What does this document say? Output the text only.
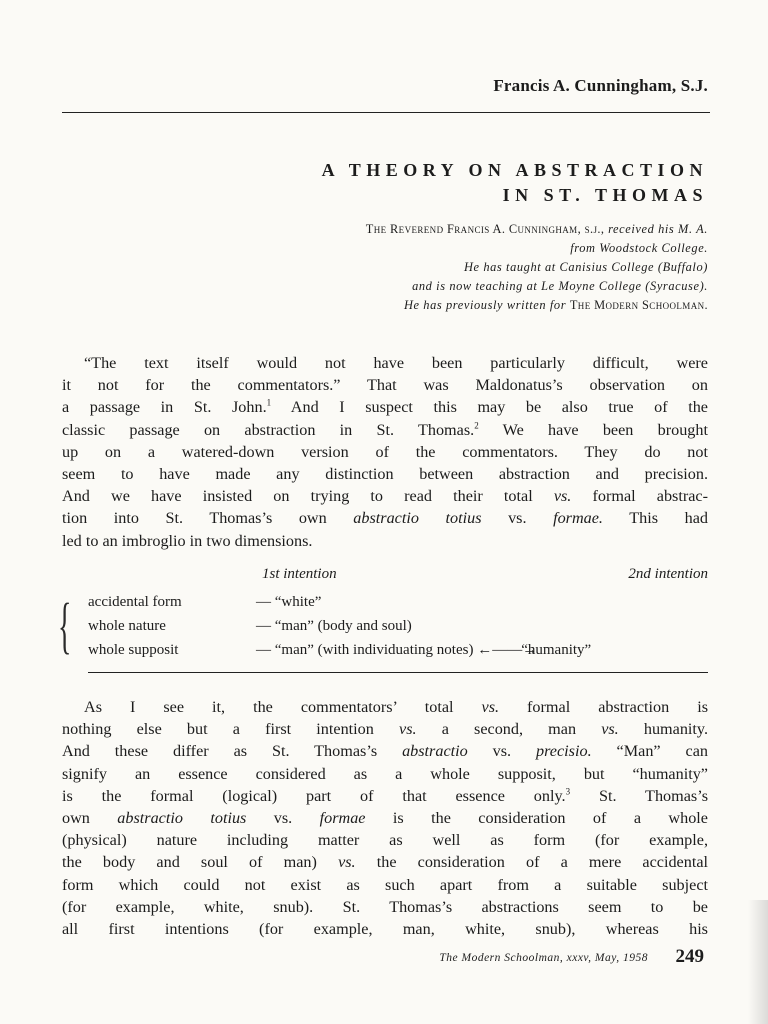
Francis A. Cunningham, S.J.
A THEORY ON ABSTRACTION
IN ST. THOMAS
The Reverend Francis A. Cunningham, s.j., received his M. A.
from Woodstock College.
He has taught at Canisius College (Buffalo)
and is now teaching at Le Moyne College (Syracuse).
He has previously written for The Modern Schoolman.
“The text itself would not have been particularly difficult, were
it not for the commentators.” That was Maldonatus’s observation on
a passage in St. John.$^1$ And I suspect this may be also true of the
classic passage on abstraction in St. Thomas.$^2$ We have been brought
up on a watered-down version of the commentators. They do not
seem to have made any distinction between abstraction and precision.
And we have insisted on trying to read their total vs. formal abstrac-
tion into St. Thomas’s own abstractio totius vs. formae. This had
led to an imbroglio in two dimensions.
1st intention	2nd intention
{ accidental form	— “white”
whole nature	— “man” (body and soul)
whole supposit	— “man” (with individuating notes) ←——→“humanity”
As I see it, the commentators’ total vs. formal abstraction is
nothing else but a first intention vs. a second, man vs. humanity.
And these differ as St. Thomas’s abstractio vs. precisio. “Man” can
signify an essence considered as a whole supposit, but “humanity”
is the formal (logical) part of that essence only.$^3$ St. Thomas’s
own abstractio totius vs. formae is the consideration of a whole
(physical) nature including matter as well as form (for example,
the body and soul of man) vs. the consideration of a mere accidental
form which could not exist as such apart from a suitable subject
(for example, white, snub). St. Thomas’s abstractions seem to be
all first intentions (for example, man, white, snub), whereas his
The Modern Schoolman, xxxv, May, 1958 249
